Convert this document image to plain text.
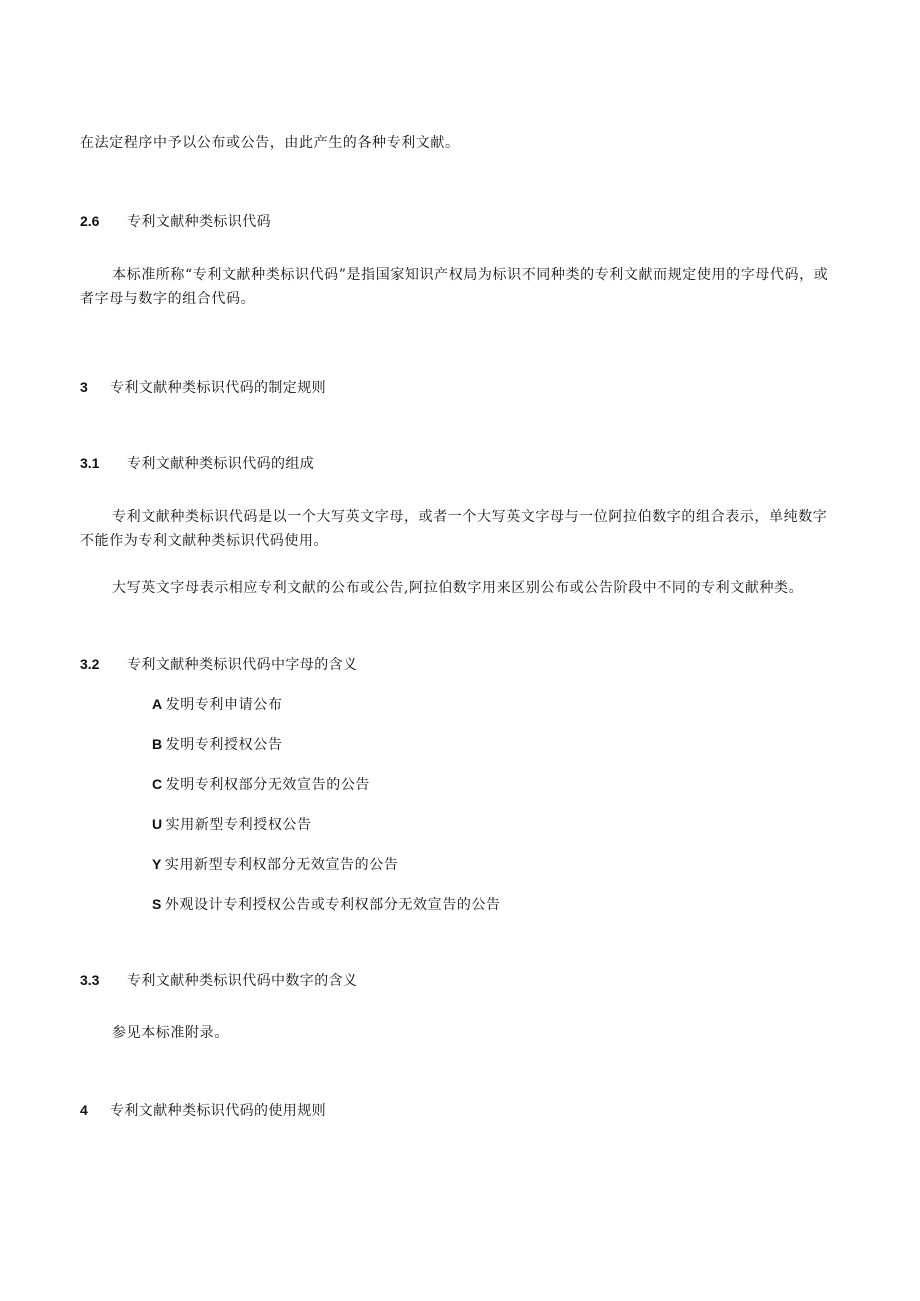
在法定程序中予以公布或公告，由此产生的各种专利文献。

2.6 专利文献种类标识代码

本标准所称“专利文献种类标识代码”是指国家知识产权局为标识不同种类的专利文献而规定使用的字母代码，或者字母与数字的组合代码。

3 专利文献种类标识代码的制定规则
3.1 专利文献种类标识代码的组成

专利文献种类标识代码是以一个大写英文字母，或者一个大写英文字母与一位阿拉伯数字的组合表示，单纯数字不能作为专利文献种类标识代码使用。

大写英文字母表示相应专利文献的公布或公告,阿拉伯数字用来区别公布或公告阶段中不同的专利文献种类。

3.2 专利文献种类标识代码中字母的含义
A 发明专利申请公布
B 发明专利授权公告
C 发明专利权部分无效宣告的公告
U 实用新型专利授权公告
Y 实用新型专利权部分无效宣告的公告
S 外观设计专利授权公告或专利权部分无效宣告的公告
3.3 专利文献种类标识代码中数字的含义

参见本标准附录。

4 专利文献种类标识代码的使用规则
